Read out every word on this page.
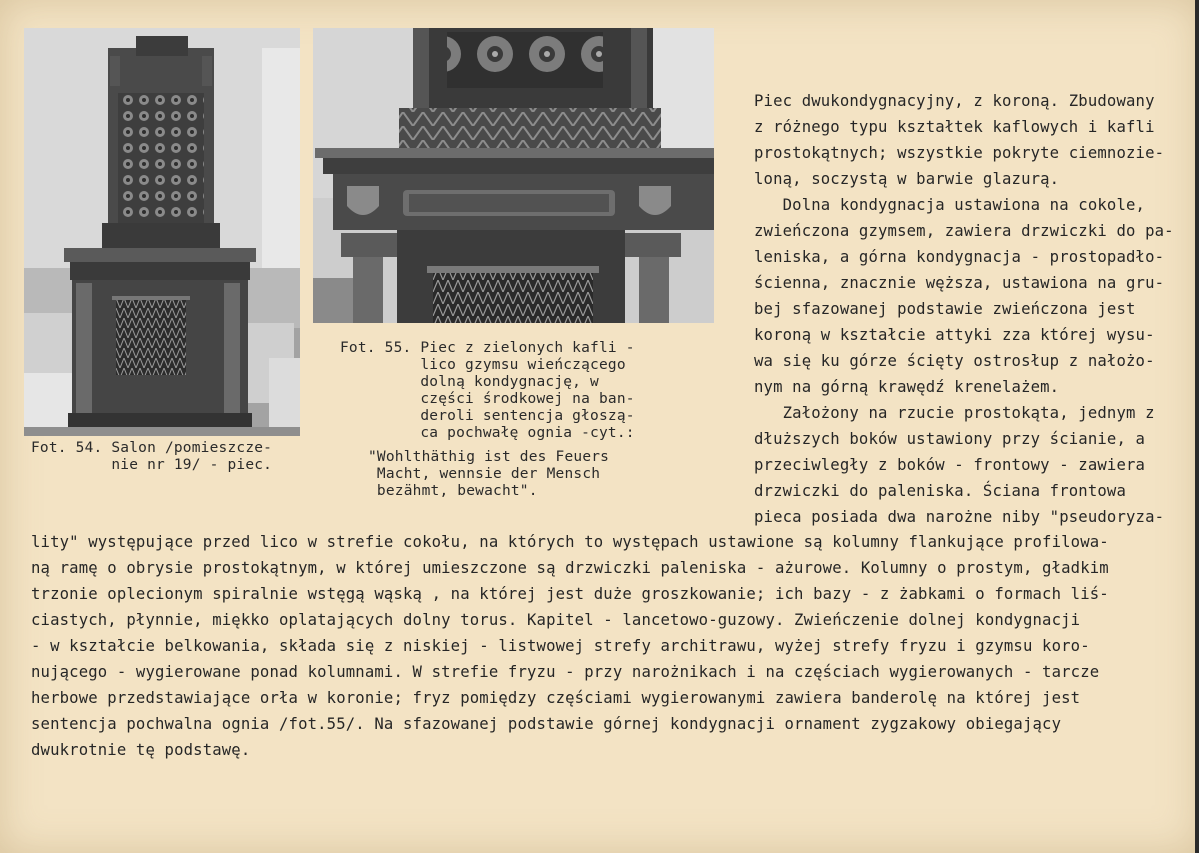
Fot. 54. Salon /pomieszcze-
nie nr 19/ - piec.
Fot. 55. Piec z zielonych kafli -
lico gzymsu wieńczącego
dolną kondygnację, w
części środkowej na ban-
deroli sentencja głoszą-
ca pochwałę ognia -cyt.:
"Wohlthäthig ist des Feuers
Macht, wennsie der Mensch
bezähmt, bewacht".
Piec dwukondygnacyjny, z koroną. Zbudowany
z różnego typu kształtek kaflowych i kafli
prostokątnych; wszystkie pokryte ciemnozie-
loną, soczystą w barwie glazurą.
Dolna kondygnacja ustawiona na cokole,
zwieńczona gzymsem, zawiera drzwiczki do pa-
leniska, a górna kondygnacja - prostopadło-
ścienna, znacznie węższa, ustawiona na gru-
bej sfazowanej podstawie zwieńczona jest
koroną w kształcie attyki zza której wysu-
wa się ku górze ścięty ostrosłup z nałożo-
nym na górną krawędź krenelażem.
Założony na rzucie prostokąta, jednym z
dłuższych boków ustawiony przy ścianie, a
przeciwległy z boków - frontowy - zawiera
drzwiczki do paleniska. Ściana frontowa
pieca posiada dwa narożne niby "pseudoryza-
lity" występujące przed lico w strefie cokołu, na których to występach ustawione są kolumny flankujące profilowa-
ną ramę o obrysie prostokątnym, w której umieszczone są drzwiczki paleniska - ażurowe. Kolumny o prostym, gładkim
trzonie oplecionym spiralnie wstęgą wąską , na której jest duże groszkowanie; ich bazy - z żabkami o formach liś-
ciastych, płynnie, miękko oplatających dolny torus. Kapitel - lancetowo-guzowy. Zwieńczenie dolnej kondygnacji
- w kształcie belkowania, składa się z niskiej - listwowej strefy architrawu, wyżej strefy fryzu i gzymsu koro-
nującego - wygierowane ponad kolumnami. W strefie fryzu - przy narożnikach i na częściach wygierowanych - tarcze
herbowe przedstawiające orła w koronie; fryz pomiędzy częściami wygierowanymi zawiera banderolę na której jest
sentencja pochwalna ognia /fot.55/. Na sfazowanej podstawie górnej kondygnacji ornament zygzakowy obiegający
dwukrotnie tę podstawę.
